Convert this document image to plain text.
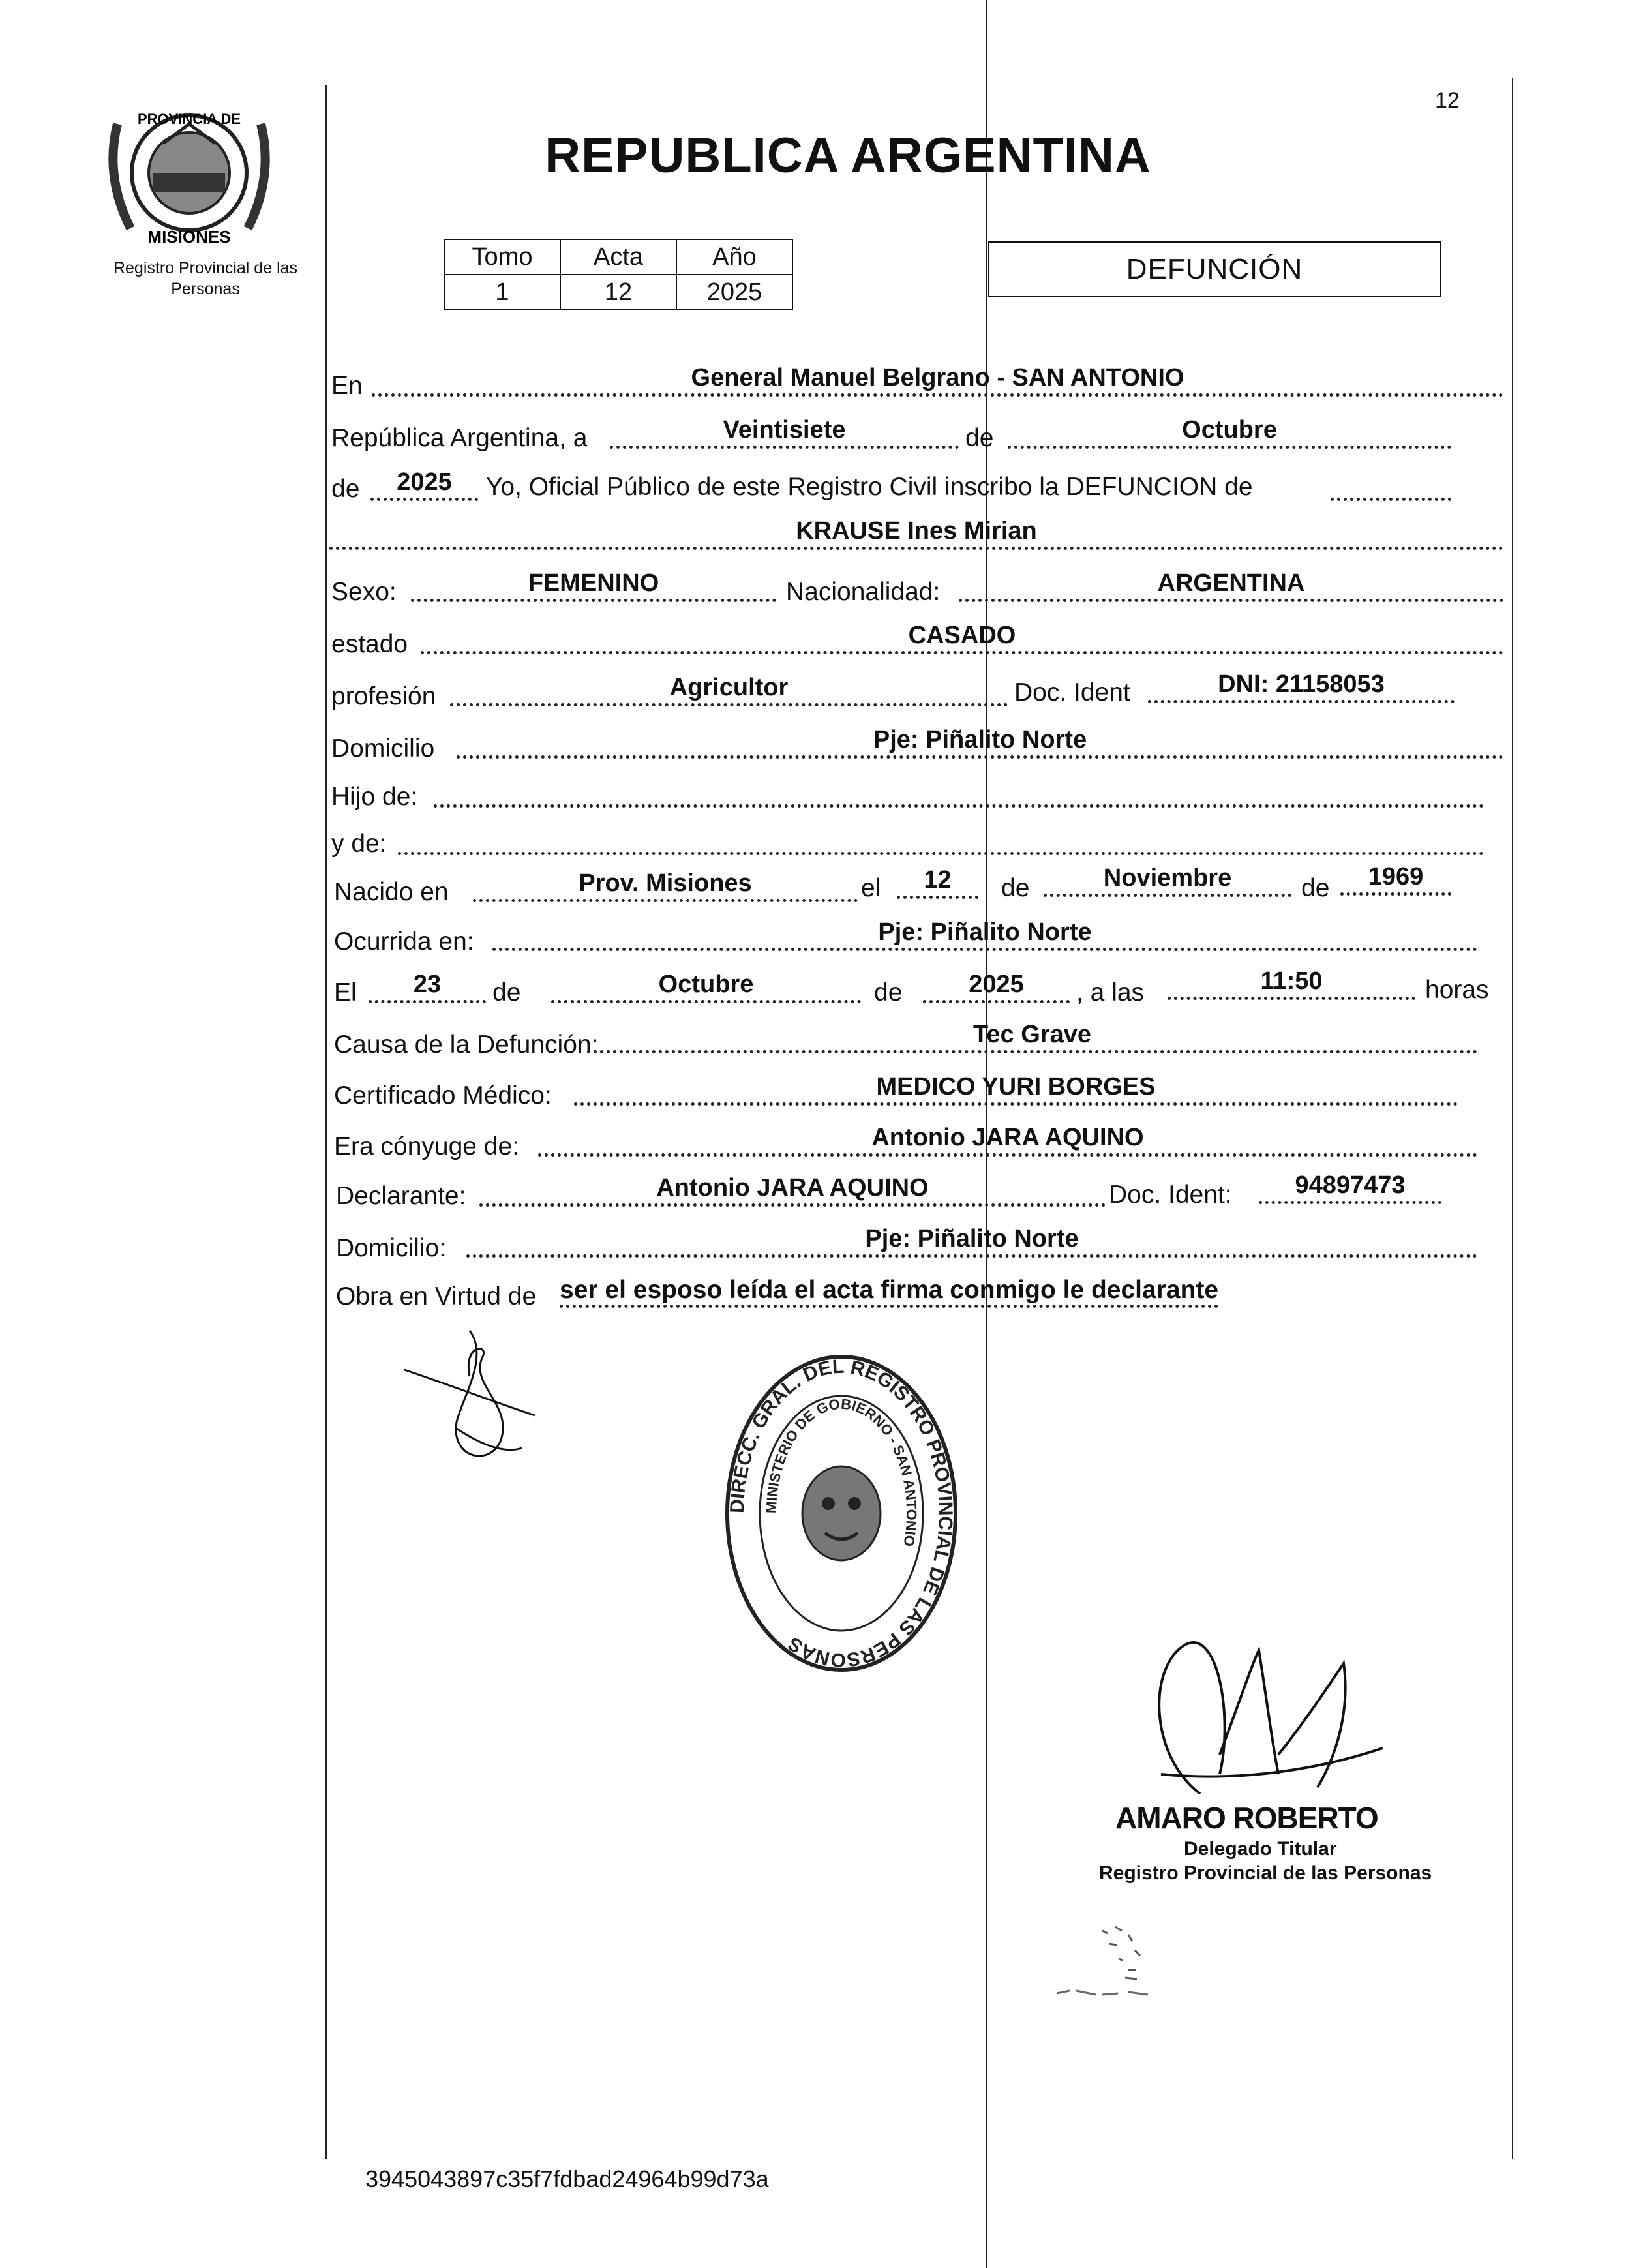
PROVINCIA DE
MISIONES
Registro Provincial de las Personas
12
REPUBLICA ARGENTINA
Tomo	Acta	Año
1	12	2025
DEFUNCIÓN
En	General Manuel Belgrano - SAN ANTONIO
República Argentina, a	Veintisiete	de	Octubre
de	2025	Yo, Oficial Público de este Registro Civil inscribo la DEFUNCION de
KRAUSE Ines Mirian
Sexo:	FEMENINO	Nacionalidad:	ARGENTINA
estado	CASADO
profesión	Agricultor	Doc. Ident	DNI: 21158053
Domicilio	Pje: Piñalito Norte
Hijo de:
y de:
Nacido en	Prov. Misiones	el	12	de	Noviembre	de	1969
Ocurrida en:	Pje: Piñalito Norte
El	23	de	Octubre	de	2025	, a las	11:50	horas
Causa de la Defunción:	Tec Grave
Certificado Médico:	MEDICO YURI BORGES
Era cónyuge de:	Antonio JARA AQUINO
Declarante:	Antonio JARA AQUINO	Doc. Ident:	94897473
Domicilio:	Pje: Piñalito Norte
Obra en Virtud de ser el esposo leída el acta firma conmigo le declarante
DIRECC. GRAL. DEL REGISTRO PROVINCIAL DE LAS PERSONAS
MINISTERIO DE GOBIERNO - SAN ANTONIO
AMARO ROBERTO
Delegado Titular
Registro Provincial de las Personas
3945043897c35f7fdbad24964b99d73a
